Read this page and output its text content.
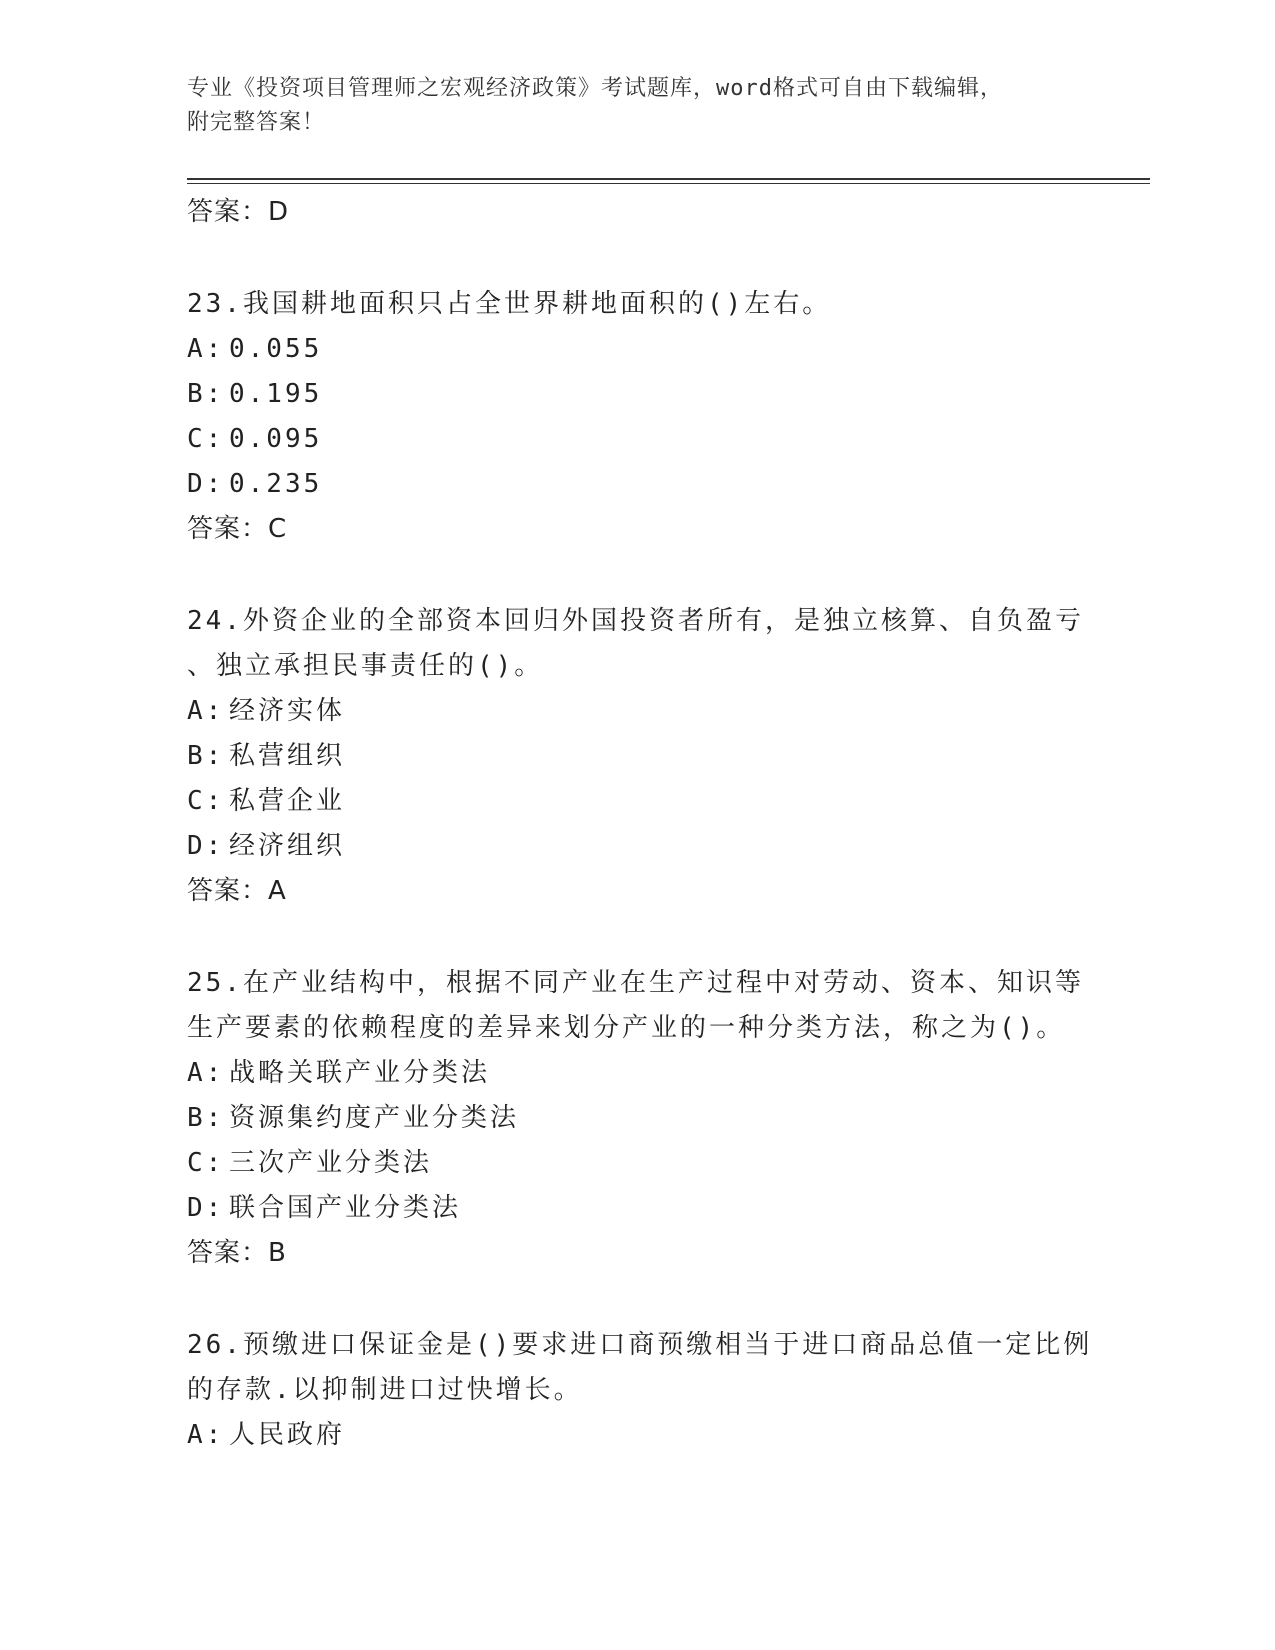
专业《投资项目管理师之宏观经济政策》考试题库，word格式可自由下载编辑，
附完整答案！
答案：D
23.我国耕地面积只占全世界耕地面积的()左右。
A: 0.055
B: 0.195
C: 0.095
D: 0.235
答案：C
24.外资企业的全部资本回归外国投资者所有，是独立核算、自负盈亏
、独立承担民事责任的()。
A: 经济实体
B: 私营组织
C: 私营企业
D: 经济组织
答案：A
25.在产业结构中，根据不同产业在生产过程中对劳动、资本、知识等
生产要素的依赖程度的差异来划分产业的一种分类方法，称之为()。
A: 战略关联产业分类法
B: 资源集约度产业分类法
C: 三次产业分类法
D: 联合国产业分类法
答案：B
26.预缴进口保证金是()要求进口商预缴相当于进口商品总值一定比例
的存款.以抑制进口过快增长。
A: 人民政府
